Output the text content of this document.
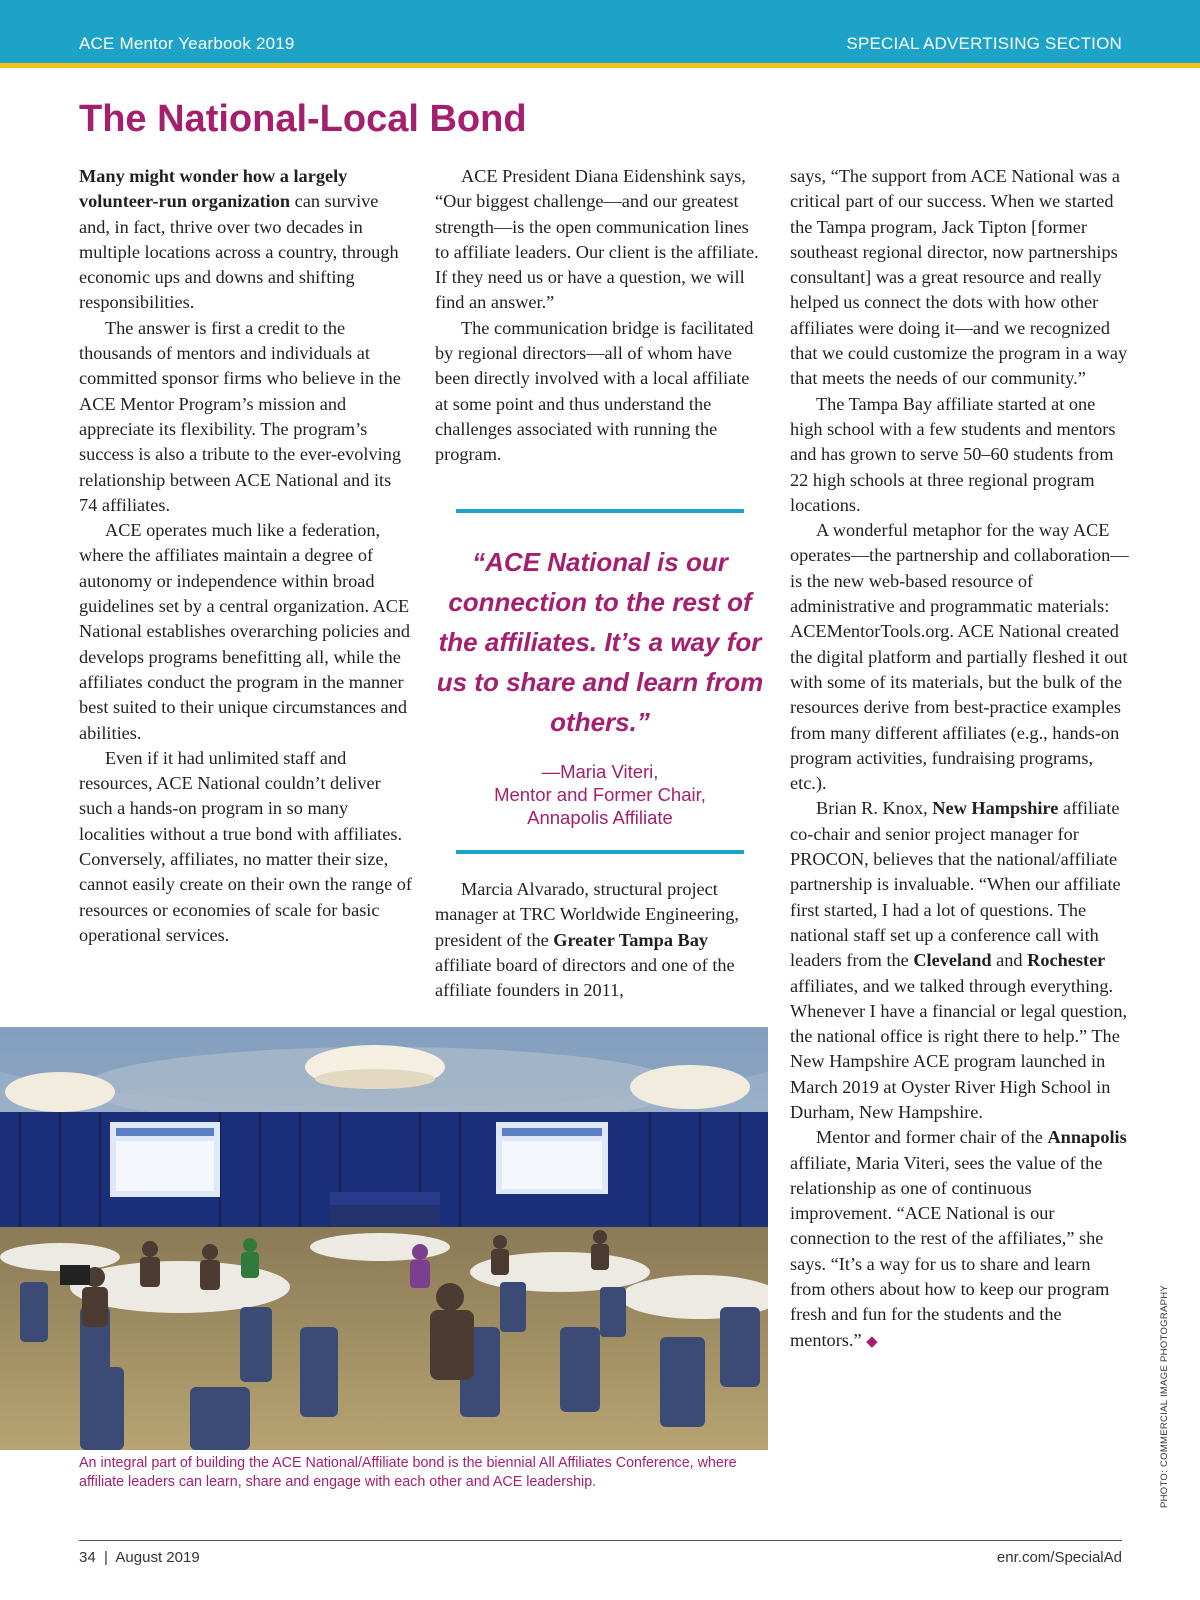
ACE Mentor Yearbook 2019	SPECIAL ADVERTISING SECTION
The National-Local Bond

Many might wonder how a largely volunteer-run organization can survive and, in fact, thrive over two decades in multiple locations across a country, through economic ups and downs and shifting responsibilities.

The answer is first a credit to the thousands of mentors and individuals at committed sponsor firms who believe in the ACE Mentor Program’s mission and appreciate its flexibility. The program’s success is also a tribute to the ever-evolving relationship between ACE National and its 74 affiliates.

ACE operates much like a federation, where the affiliates maintain a degree of autonomy or independence within broad guidelines set by a central organization. ACE National establishes overarching policies and develops programs benefitting all, while the affiliates conduct the program in the manner best suited to their unique circumstances and abilities.

Even if it had unlimited staff and resources, ACE National couldn’t deliver such a hands-on program in so many localities without a true bond with affiliates. Conversely, affiliates, no matter their size, cannot easily create on their own the range of resources or economies of scale for basic operational services.

ACE President Diana Eidenshink says, “Our biggest challenge—and our greatest strength—is the open communication lines to affiliate leaders. Our client is the affiliate. If they need us or have a question, we will find an answer.”

The communication bridge is facilitated by regional directors—all of whom have been directly involved with a local affiliate at some point and thus understand the challenges associated with running the program.

“ACE National is our connection to the rest of the affiliates. It’s a way for us to share and learn from others.”
—Maria Viteri,
Mentor and Former Chair,
Annapolis Affiliate

Marcia Alvarado, structural project manager at TRC Worldwide Engineering, president of the Greater Tampa Bay affiliate board of directors and one of the affiliate founders in 2011,

says, “The support from ACE National was a critical part of our success. When we started the Tampa program, Jack Tipton [former southeast regional director, now partnerships consultant] was a great resource and really helped us connect the dots with how other affiliates were doing it—and we recognized that we could customize the program in a way that meets the needs of our community.”

The Tampa Bay affiliate started at one high school with a few students and mentors and has grown to serve 50–60 students from 22 high schools at three regional program locations.

A wonderful metaphor for the way ACE operates—the partnership and collaboration—is the new web-based resource of administrative and programmatic materials: ACEMentorTools.org. ACE National created the digital platform and partially fleshed it out with some of its materials, but the bulk of the resources derive from best-practice examples from many different affiliates (e.g., hands-on program activities, fundraising programs, etc.).

Brian R. Knox, New Hampshire affiliate co-chair and senior project manager for PROCON, believes that the national/affiliate partnership is invaluable. “When our affiliate first started, I had a lot of questions. The national staff set up a conference call with leaders from the Cleveland and Rochester affiliates, and we talked through everything. Whenever I have a financial or legal question, the national office is right there to help.” The New Hampshire ACE program launched in March 2019 at Oyster River High School in Durham, New Hampshire.

Mentor and former chair of the Annapolis affiliate, Maria Viteri, sees the value of the relationship as one of continuous improvement. “ACE National is our connection to the rest of the affiliates,” she says. “It’s a way for us to share and learn from others about how to keep our program fresh and fun for the students and the mentors.” ◆

An integral part of building the ACE National/Affiliate bond is the biennial All Affiliates Conference, where affiliate leaders can learn, share and engage with each other and ACE leadership.	PHOTO: COMMERCIAL IMAGE PHOTOGRAPHY
34  |  August 2019	enr.com/SpecialAd
